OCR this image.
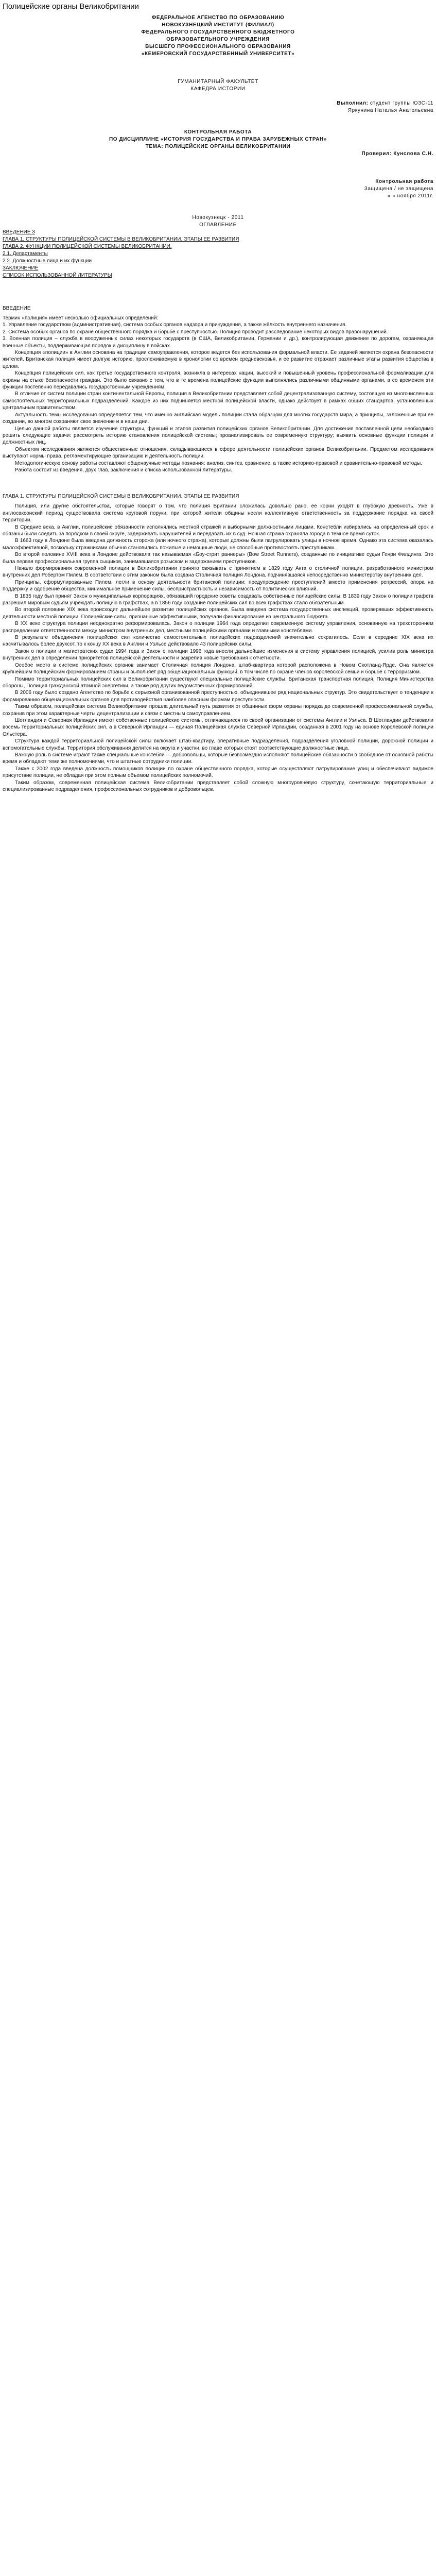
Полицейские органы Великобритании
ФЕДЕРАЛЬНОЕ АГЕНСТВО ПО ОБРАЗОВАНИЮ
НОВОКУЗНЕЦКИЙ ИНСТИТУТ (ФИЛИАЛ)
ФЕДЕРАЛЬНОГО ГОСУДАРСТВЕННОГО БЮДЖЕТНОГО
ОБРАЗОВАТЕЛЬНОГО УЧРЕЖДЕНИЯ
ВЫСШЕГО ПРОФЕССИОНАЛЬНОГО ОБРАЗОВАНИЯ
«КЕМЕРОВСКИЙ ГОСУДАРСТВЕННЫЙ УНИВЕРСИТЕТ»
ГУМАНИТАРНЫЙ ФАКУЛЬТЕТ
КАФЕДРА ИСТОРИИ
Выполнил: студент группы ЮЗС-11
Яркунина Наталья Анатольевна
КОНТРОЛЬНАЯ РАБОТА
ПО ДИСЦИПЛИНЕ «ИСТОРИЯ ГОСУДАРСТВА И ПРАВА ЗАРУБЕЖНЫХ СТРАН»
ТЕМА: ПОЛИЦЕЙСКИЕ ОРГАНЫ ВЕЛИКОБРИТАНИИ
Проверил: Кунслова С.Н.
Контрольная работа
Защищена / не защищена
« » ноября 2011г.
Новокузнецк - 2011
ОГЛАВЛЕНИЕ
ВВЕДЕНИЕ 3
ГЛАВА 1. СТРУКТУРЫ ПОЛИЦЕЙСКОЙ СИСТЕМЫ В ВЕЛИКОБРИТАНИИ. ЭТАПЫ ЕЕ РАЗВИТИЯ
ГЛАВА 2. ФУНКЦИИ ПОЛИЦЕЙСКОЙ СИСТЕМЫ ВЕЛИКОБРИТАНИИ.
2.1. Департаменты
2.2. Должностные лица и их функции
ЗАКЛЮЧЕНИЕ
СПИСОК ИСПОЛЬЗОВАННОЙ ЛИТЕРАТУРЫ
ВВЕДЕНИЕ

Термин «полиция» имеет несколько официальных определений:

1. Управление государством (административная), система особых органов надзора и принуждения, а также жёлкость внутреннего назначения.

2. Система особых органов по охране общественного порядка и борьбе с преступностью. Полиция проводит расследование некоторых видов правонарушений.

3. Военная полиция – служба в вооруженных силах некоторых государств (в США, Великобритании, Германии и др.), контролирующая движение по дорогам, охраняющая военные объекты, поддерживающая порядок и дисциплину в войсках.

Концепция «полиции» в Англии основана на традиции самоуправления, которое ведется без использования формальной власти. Ее задачей является охрана безопасности жителей. Британская полиция имеет долгую историю, прослеживаемую в хронологии со времен средневековья, и ее развитие отражает различные этапы развития общества в целом.

Концепция полицейских сил, как третье государственного контроля, возникла в интересах нации, высокий и повышенный уровень профессиональной формализации для охраны на стыке безопасности граждан. Это было связано с тем, что в те времена полицейские функции выполнялись различными общинными органами, а со временем эти функции постепенно передавались государственным учреждениям.

В отличие от систем полиции стран континентальной Европы, полиция в Великобритании представляет собой децентрализованную систему, состоящую из многочисленных самостоятельных территориальных подразделений. Каждое из них подчиняется местной полицейской власти, однако действует в рамках общих стандартов, установленных центральным правительством.

Актуальность темы исследования определяется тем, что именно английская модель полиции стала образцом для многих государств мира, а принципы, заложенные при ее создании, во многом сохраняют свое значение и в наши дни.

Целью данной работы является изучение структуры, функций и этапов развития полицейских органов Великобритании. Для достижения поставленной цели необходимо решить следующие задачи: рассмотреть историю становления полицейской системы; проанализировать ее современную структуру; выявить основные функции полиции и должностных лиц.

Объектом исследования являются общественные отношения, складывающиеся в сфере деятельности полицейских органов Великобритании. Предметом исследования выступают нормы права, регламентирующие организацию и деятельность полиции.

Методологическую основу работы составляют общенаучные методы познания: анализ, синтез, сравнение, а также историко-правовой и сравнительно-правовой методы.

Работа состоит из введения, двух глав, заключения и списка использованной литературы.

ГЛАВА 1. СТРУКТУРЫ ПОЛИЦЕЙСКОЙ СИСТЕМЫ В ВЕЛИКОБРИТАНИИ. ЭТАПЫ ЕЕ РАЗВИТИЯ

Полиция, или другие обстоятельства, которые говорят о том, что полиция Британии сложилась довольно рано, ее корни уходят в глубокую древность. Уже в англосаксонский период существовала система круговой поруки, при которой жители общины несли коллективную ответственность за поддержание порядка на своей территории.

В Средние века, в Англии, полицейские обязанности исполнялись местной стражей и выборными должностными лицами. Констебли избирались на определенный срок и обязаны были следить за порядком в своей округе, задерживать нарушителей и передавать их в суд. Ночная стража охраняла города в темное время суток.

В 1663 году в Лондоне была введена должность сторожа (или ночного стража), которые должны были патрулировать улицы в ночное время. Однако эта система оказалась малоэффективной, поскольку стражниками обычно становились пожилые и немощные люди, не способные противостоять преступникам.

Во второй половине XVIII века в Лондоне действовала так называемая «Боу-стрит раннеры» (Bow Street Runners), созданные по инициативе судьи Генри Филдинга. Это была первая профессиональная группа сыщиков, занимавшаяся розыском и задержанием преступников.

Начало формирования современной полиции в Великобритании принято связывать с принятием в 1829 году Акта о столичной полиции, разработанного министром внутренних дел Робертом Пилем. В соответствии с этим законом была создана Столичная полиция Лондона, подчинявшаяся непосредственно министерству внутренних дел.

Принципы, сформулированные Пилем, легли в основу деятельности британской полиции: предупреждение преступлений вместо применения репрессий, опора на поддержку и одобрение общества, минимальное применение силы, беспристрастность и независимость от политических влияний.

В 1835 году был принят Закон о муниципальных корпорациях, обязавший городские советы создавать собственные полицейские силы. В 1839 году Закон о полиции графств разрешил мировым судьям учреждать полицию в графствах, а в 1856 году создание полицейских сил во всех графствах стало обязательным.

Во второй половине XIX века происходит дальнейшее развитие полицейских органов. Была введена система государственных инспекций, проверявших эффективность деятельности местной полиции. Полицейские силы, признанные эффективными, получали финансирование из центрального бюджета.

В XX веке структура полиции неоднократно реформировалась. Закон о полиции 1964 года определил современную систему управления, основанную на трехстороннем распределении ответственности между министром внутренних дел, местными полицейскими органами и главными констеблями.

В результате объединения полицейских сил количество самостоятельных полицейских подразделений значительно сократилось. Если в середине XIX века их насчитывалось более двухсот, то к концу XX века в Англии и Уэльсе действовало 43 полицейских силы.

Закон о полиции и магистратских судах 1994 года и Закон о полиции 1996 года внесли дальнейшие изменения в систему управления полицией, усилив роль министра внутренних дел в определении приоритетов полицейской деятельности и закрепив новые требования к отчетности.

Особое место в системе полицейских органов занимает Столичная полиция Лондона, штаб-квартира которой расположена в Новом Скотланд-Ярде. Она является крупнейшим полицейским формированием страны и выполняет ряд общенациональных функций, в том числе по охране членов королевской семьи и борьбе с терроризмом.

Помимо территориальных полицейских сил в Великобритании существуют специальные полицейские службы: Британская транспортная полиция, Полиция Министерства обороны, Полиция гражданской атомной энергетики, а также ряд других ведомственных формирований.

В 2006 году было создано Агентство по борьбе с серьезной организованной преступностью, объединившее ряд национальных структур. Это свидетельствует о тенденции к формированию общенациональных органов для противодействия наиболее опасным формам преступности.

Таким образом, полицейская система Великобритании прошла длительный путь развития от общинных форм охраны порядка до современной профессиональной службы, сохранив при этом характерные черты децентрализации и связи с местным самоуправлением.

Шотландия и Северная Ирландия имеют собственные полицейские системы, отличающиеся по своей организации от системы Англии и Уэльса. В Шотландии действовали восемь территориальных полицейских сил, а в Северной Ирландии — единая Полицейская служба Северной Ирландии, созданная в 2001 году на основе Королевской полиции Ольстера.

Структура каждой территориальной полицейской силы включает штаб-квартиру, оперативные подразделения, подразделения уголовной полиции, дорожной полиции и вспомогательные службы. Территория обслуживания делится на округа и участки, во главе которых стоят соответствующие должностные лица.

Важную роль в системе играют также специальные констебли — добровольцы, которые безвозмездно исполняют полицейские обязанности в свободное от основной работы время и обладают теми же полномочиями, что и штатные сотрудники полиции.

Также с 2002 года введена должность помощников полиции по охране общественного порядка, которые осуществляют патрулирование улиц и обеспечивают видимое присутствие полиции, не обладая при этом полным объемом полицейских полномочий.

Таким образом, современная полицейская система Великобритании представляет собой сложную многоуровневую структуру, сочетающую территориальные и специализированные подразделения, профессиональных сотрудников и добровольцев.
